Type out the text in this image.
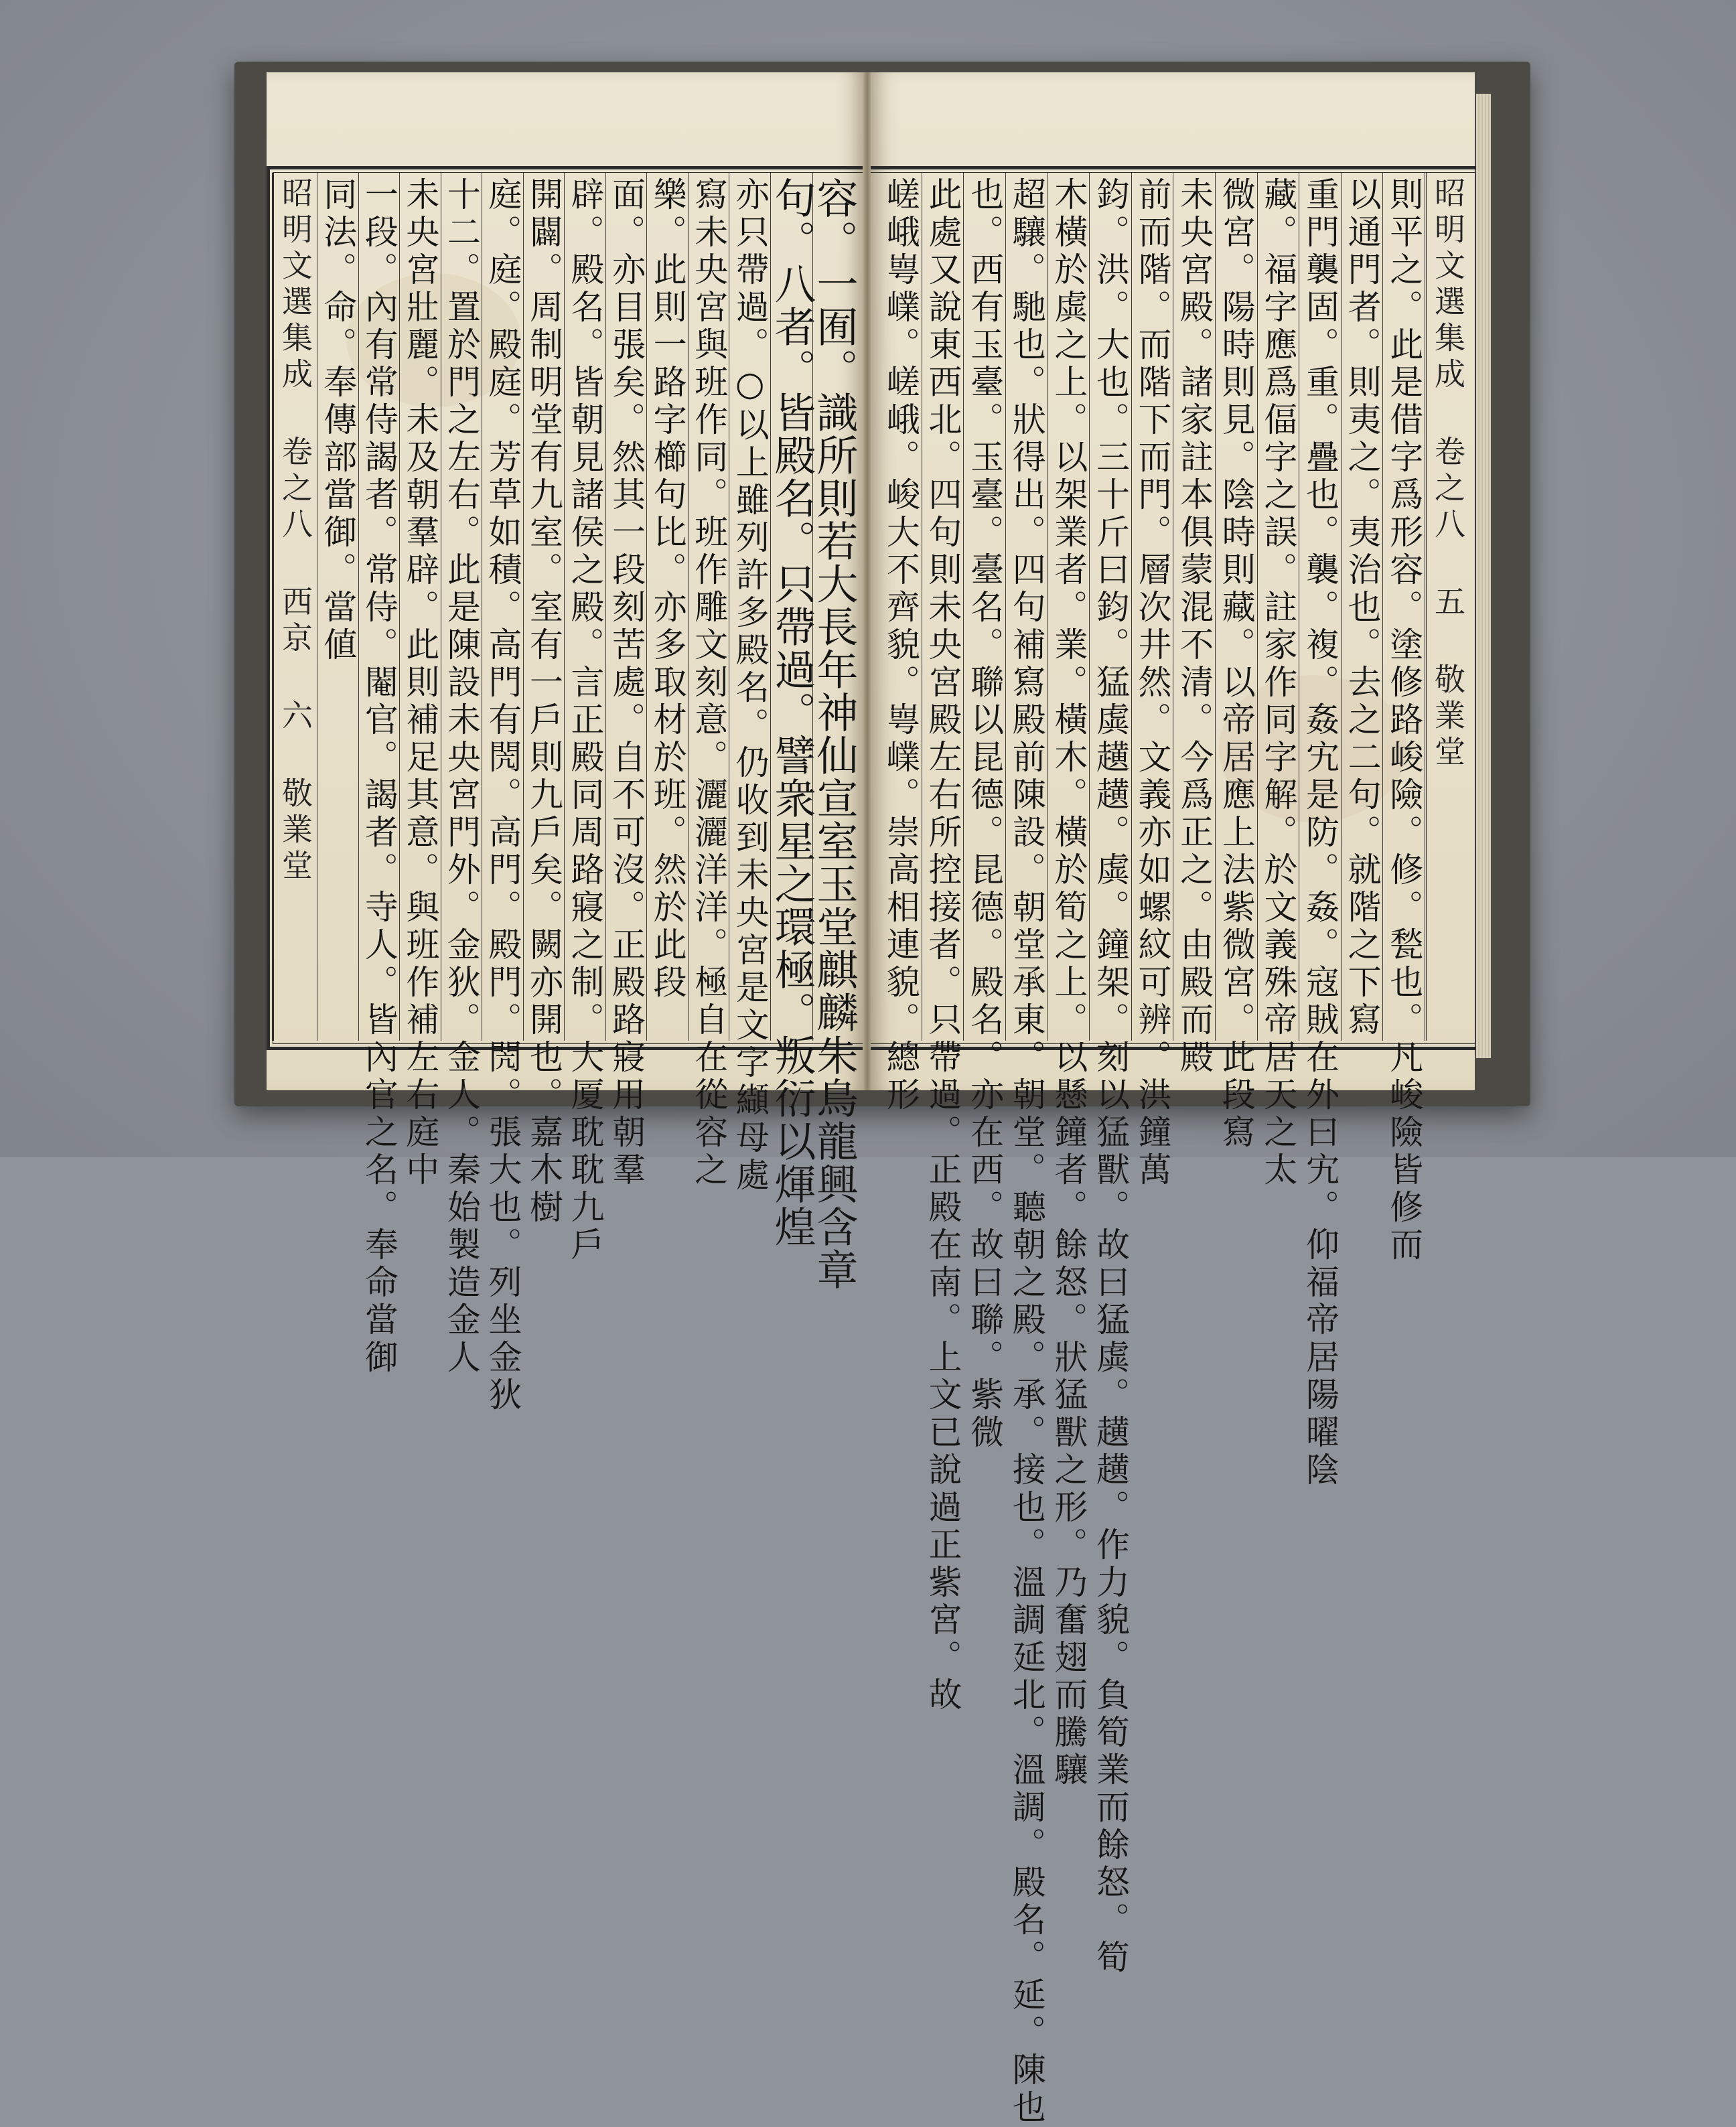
容。一囿。識所則若大長年神仙宣室玉堂麒麟朱鳥龍興含章
句。八者。皆殿名。只帶過。譬衆星之環極。叛衍以煇煌
亦只帶過。○以上雖列許多殿名。仍收到未央宮是文字纈母處
寫未央宮與班作同。班作雕文刻意。灑灑洋洋。極自在從容之
樂。此則一路字櫛句比。亦多取材於班。然於此段
面。亦目張矣。然其一段刻苦處。自不可沒。正殿路寢用朝羣
辟。殿名。皆朝見諸侯之殿。言正殿同周路寢之制。大厦耽耽九戶
開闢。周制明堂有九室。室有一戶則九戶矣。闕亦開也。嘉木樹
庭。庭。殿庭。芳草如積。高門有閌。高門。殿門。閌。張大也。列坐金狄
十二。置於門之左右。此是陳設未央宮門外。金狄。金人。秦始製造金人
未央宮壯麗。未及朝羣辟。此則補足其意。與班作補左右庭中
一段。內有常侍謁者。常侍。閹官。謁者。寺人。皆內官之名。奉命當御
同法。命。奉傳部當御。當値
昭明文選集成 卷之八 西京 六 敬業堂	昭明文選集成 卷之八 五 敬業堂
則平之。此是借字爲形容。塗修路峻險。修。甃也。凡峻險皆修而
以通門者。則夷之。夷治也。去之二句。就階之下寫
重門襲固。重。疊也。襲。複。姦宄是防。姦。寇賊在外曰宄。仰福帝居陽曜陰
藏。福字應爲偪字之誤。註家作同字解。於文義殊帝居天之太
微宮。陽時則見。陰時則藏。以帝居應上法紫微宮。此段寫
未央宮殿。諸家註本俱蒙混不清。今爲正之。由殿而殿
前而階。而階下而門。層次井然。文義亦如螺紋可辨。洪鐘萬
鈞。洪。大也。三十斤曰鈞。猛虡趪趪。虡。鐘架。刻以猛獸。故曰猛虡。趪趪。作力貌。負筍業而餘怒。筍
木橫於虡之上。以架業者。業。橫木。橫於筍之上。以懸鐘者。餘怒。狀猛獸之形。乃奮翅而騰驤
超驤。馳也。狀得出。四句補寫殿前陳設。朝堂承東。朝堂。聽朝之殿。承。接也。溫調延北。溫調。殿名。延。陳也
也。西有玉臺。玉臺。臺名。聯以昆德。昆德。殿名。亦在西。故曰聯。紫微
此處又說東西北。四句則未央宮殿左右所控接者。只帶過。正殿在南。上文已說過正紫宮。故
嵯峨㟧嶫。嵯峨。峻大不齊貌。㟧嶫。崇高相連貌。總形
